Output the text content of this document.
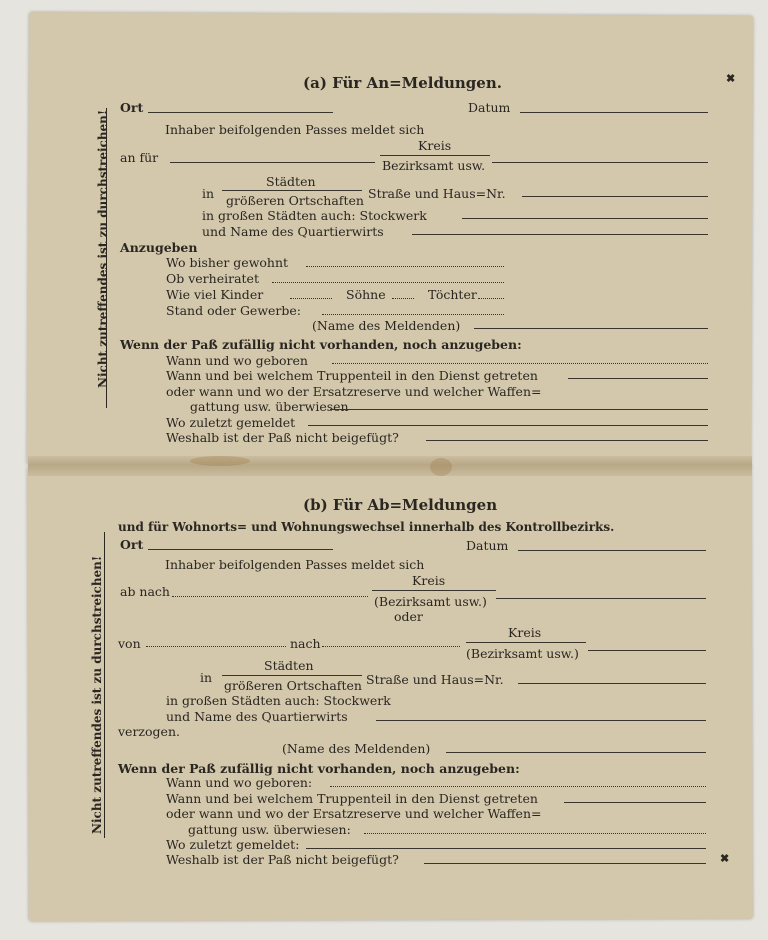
Nicht zutreffendes ist zu durchstreichen!
✖
(a) Für An=Meldungen.
Ort	Datum
Inhaber beifolgenden Passes meldet sich
Kreis
an für
Bezirksamt usw.
Städten
in größeren Ortschaften Straße und Haus=Nr.
in großen Städten auch: Stockwerk
und Name des Quartierwirts
Anzugeben
Wo bisher gewohnt
Ob verheiratet
Wie viel Kinder	Söhne	Töchter
Stand oder Gewerbe:
(Name des Meldenden)
Wenn der Paß zufällig nicht vorhanden, noch anzugeben:
Wann und wo geboren
Wann und bei welchem Truppenteil in den Dienst getreten
oder wann und wo der Ersatzreserve und welcher Waffen=
gattung usw. überwiesen
Wo zuletzt gemeldet
Weshalb ist der Paß nicht beigefügt?
Nicht zutreffendes ist zu durchstreichen!
✖
(b) Für Ab=Meldungen
und für Wohnorts= und Wohnungswechsel innerhalb des Kontrollbezirks.
Ort	Datum
Inhaber beifolgenden Passes meldet sich
Kreis
ab nach
(Bezirksamt usw.)
oder
von	nach
Kreis
(Bezirksamt usw.)
Städten
in
größeren Ortschaften Straße und Haus=Nr.
in großen Städten auch: Stockwerk
und Name des Quartierwirts
verzogen.
(Name des Meldenden)
Wenn der Paß zufällig nicht vorhanden, noch anzugeben:
Wann und wo geboren:
Wann und bei welchem Truppenteil in den Dienst getreten
oder wann und wo der Ersatzreserve und welcher Waffen=
gattung usw. überwiesen:
Wo zuletzt gemeldet:
Weshalb ist der Paß nicht beigefügt?
